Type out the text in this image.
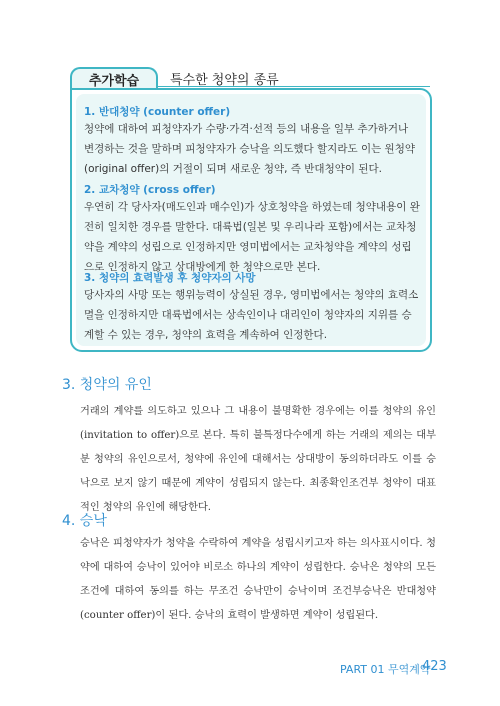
추가학습	특수한 청약의 종류
1. 반대청약 (counter offer)
청약에 대하여 피청약자가 수량·가격·선적 등의 내용을 일부 추가하거나 변경하는 것을 말하며 피청약자가 승낙을 의도했다 할지라도 이는 원청약(original offer)의 거절이 되며 새로운 청약, 즉 반대청약이 된다.
2. 교차청약 (cross offer)
우연히 각 당사자(매도인과 매수인)가 상호청약을 하였는데 청약내용이 완전히 일치한 경우를 말한다. 대륙법(일본 및 우리나라 포함)에서는 교차청약을 계약의 성립으로 인정하지만 영미법에서는 교차청약을 계약의 성립으로 인정하지 않고 상대방에게 한 청약으로만 본다.
3. 청약의 효력발생 후 청약자의 사망
당사자의 사망 또는 행위능력이 상실된 경우, 영미법에서는 청약의 효력소멸을 인정하지만 대륙법에서는 상속인이나 대리인이 청약자의 지위를 승계할 수 있는 경우, 청약의 효력을 계속하여 인정한다.
3. 청약의 유인
거래의 계약를 의도하고 있으나 그 내용이 불명확한 경우에는 이를 청약의 유인(invitation to offer)으로 본다. 특히 불특정다수에게 하는 거래의 제의는 대부분 청약의 유인으로서, 청약에 유인에 대해서는 상대방이 동의하더라도 이를 승낙으로 보지 않기 때문에 계약이 성립되지 않는다. 최종확인조건부 청약이 대표적인 청약의 유인에 해당한다.
4. 승낙
승낙은 피청약자가 청약을 수락하여 계약을 성립시키고자 하는 의사표시이다. 청약에 대하여 승낙이 있어야 비로소 하나의 계약이 성립한다. 승낙은 청약의 모든 조건에 대하여 동의를 하는 무조건 승낙만이 승낙이며 조건부승낙은 반대청약(counter offer)이 된다. 승낙의 효력이 발생하면 계약이 성립된다.
PART 01 무역계약
423
